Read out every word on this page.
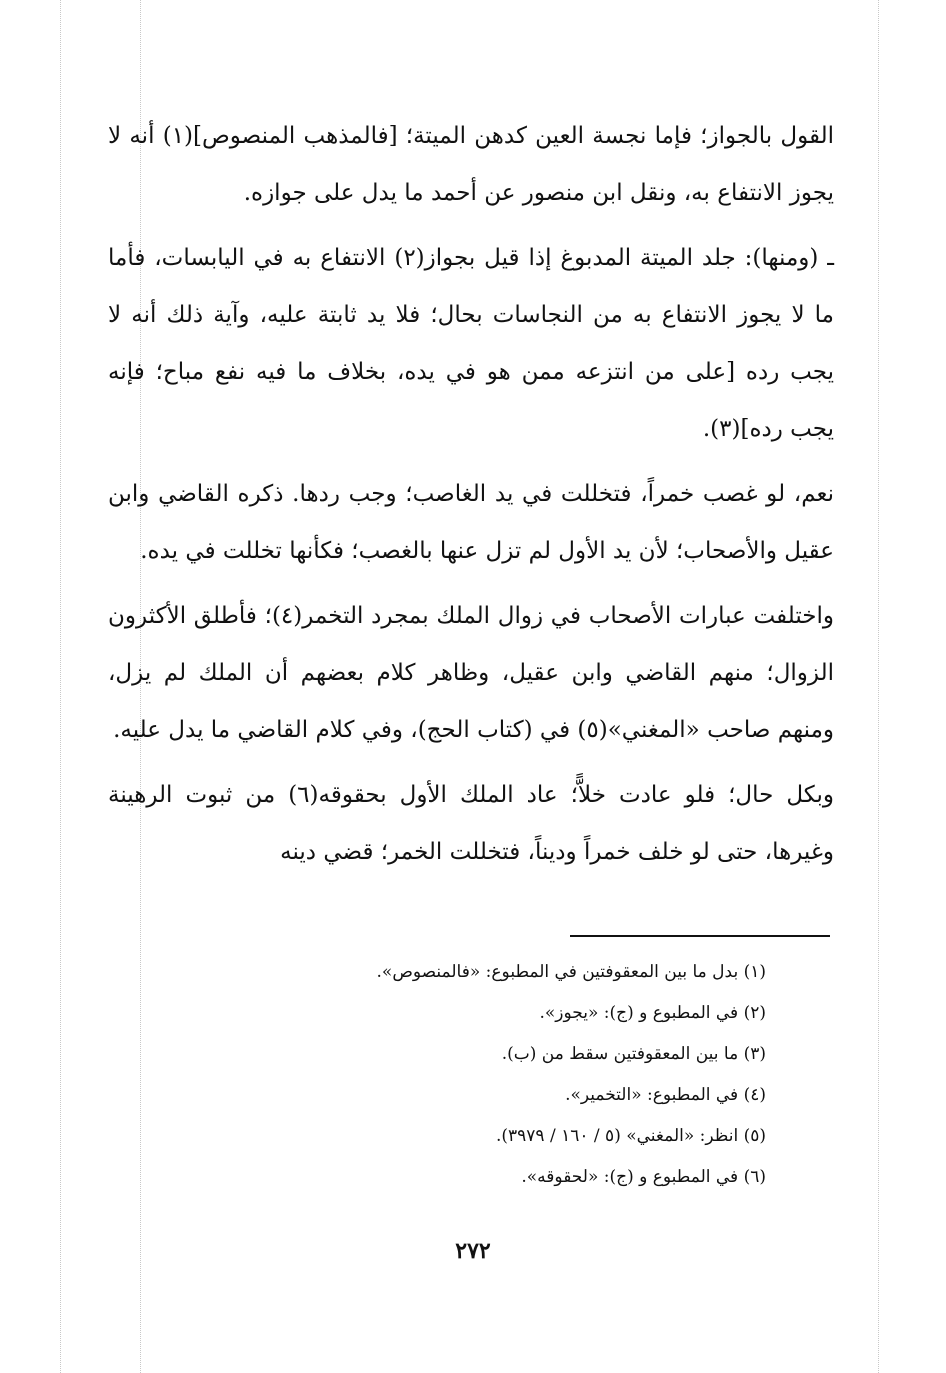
القول بالجواز؛ فإما نجسة العين كدهن الميتة؛ [فالمذهب المنصوص](١) أنه لا يجوز الانتفاع به، ونقل ابن منصور عن أحمد ما يدل على جوازه.

ـ (ومنها): جلد الميتة المدبوغ إذا قيل بجواز(٢) الانتفاع به في اليابسات، فأما ما لا يجوز الانتفاع به من النجاسات بحال؛ فلا يد ثابتة عليه، وآية ذلك أنه لا يجب رده [على من انتزعه ممن هو في يده، بخلاف ما فيه نفع مباح؛ فإنه يجب رده](٣).

نعم، لو غصب خمراً، فتخللت في يد الغاصب؛ وجب ردها. ذكره القاضي وابن عقيل والأصحاب؛ لأن يد الأول لم تزل عنها بالغصب؛ فكأنها تخللت في يده.

واختلفت عبارات الأصحاب في زوال الملك بمجرد التخمر(٤)؛ فأطلق الأكثرون الزوال؛ منهم القاضي وابن عقيل، وظاهر كلام بعضهم أن الملك لم يزل، ومنهم صاحب «المغني»(٥) في (كتاب الحج)، وفي كلام القاضي ما يدل عليه.

وبكل حال؛ فلو عادت خلاًّ؛ عاد الملك الأول بحقوقه(٦) من ثبوت الرهينة وغيرها، حتى لو خلف خمراً وديناً، فتخللت الخمر؛ قضي دينه

(١) بدل ما بين المعقوفتين في المطبوع: «فالمنصوص».

(٢) في المطبوع و (ج): «يجوز».

(٣) ما بين المعقوفتين سقط من (ب).

(٤) في المطبوع: «التخمير».

(٥) انظر: «المغني» (٥ / ١٦٠ / ٣٩٧٩).

(٦) في المطبوع و (ج): «لحقوقه».

٢٧٢
